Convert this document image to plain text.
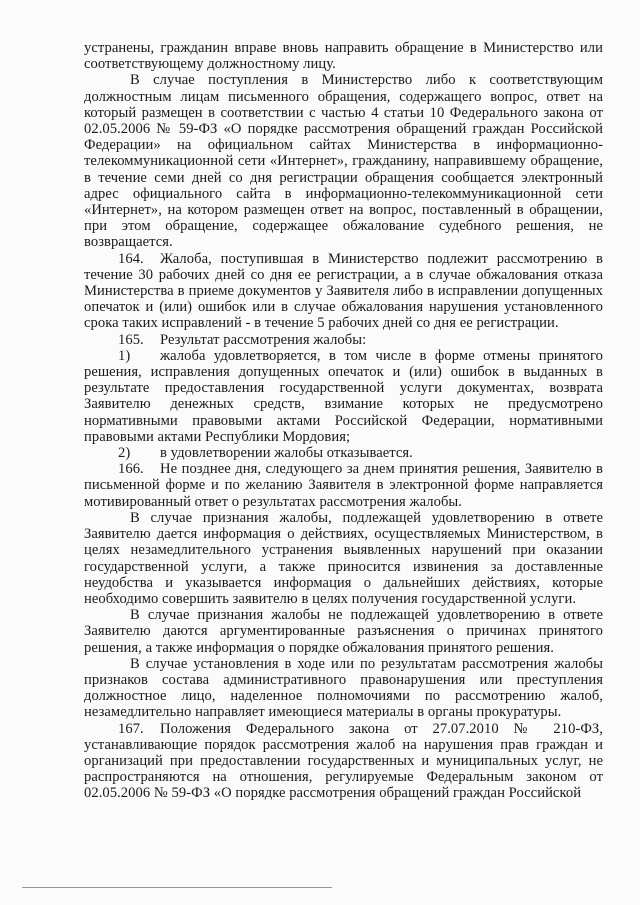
устранены, гражданин вправе вновь направить обращение в Министерство или соответствующему должностному лицу.

В случае поступления в Министерство либо к соответствующим должностным лицам письменного обращения, содержащего вопрос, ответ на который размещен в соответствии с частью 4 статьи 10 Федерального закона от 02.05.2006 № 59-ФЗ «О порядке рассмотрения обращений граждан Российской Федерации» на официальном сайтах Министерства в информационно-телекоммуникационной сети «Интернет», гражданину, направившему обращение, в течение семи дней со дня регистрации обращения сообщается электронный адрес официального сайта в информационно-телекоммуникационной сети «Интернет», на котором размещен ответ на вопрос, поставленный в обращении, при этом обращение, содержащее обжалование судебного решения, не возвращается.

164. Жалоба, поступившая в Министерство подлежит рассмотрению в течение 30 рабочих дней со дня ее регистрации, а в случае обжалования отказа Министерства в приеме документов у Заявителя либо в исправлении допущенных опечаток и (или) ошибок или в случае обжалования нарушения установленного срока таких исправлений - в течение 5 рабочих дней со дня ее регистрации.

165. Результат рассмотрения жалобы:

1) жалоба удовлетворяется, в том числе в форме отмены принятого решения, исправления допущенных опечаток и (или) ошибок в выданных в результате предоставления государственной услуги документах, возврата Заявителю денежных средств, взимание которых не предусмотрено нормативными правовыми актами Российской Федерации, нормативными правовыми актами Республики Мордовия;

2) в удовлетворении жалобы отказывается.

166. Не позднее дня, следующего за днем принятия решения, Заявителю в письменной форме и по желанию Заявителя в электронной форме направляется мотивированный ответ о результатах рассмотрения жалобы.

В случае признания жалобы, подлежащей удовлетворению в ответе Заявителю дается информация о действиях, осуществляемых Министерством, в целях незамедлительного устранения выявленных нарушений при оказании государственной услуги, а также приносится извинения за доставленные неудобства и указывается информация о дальнейших действиях, которые необходимо совершить заявителю в целях получения государственной услуги.

В случае признания жалобы не подлежащей удовлетворению в ответе Заявителю даются аргументированные разъяснения о причинах принятого решения, а также информация о порядке обжалования принятого решения.

В случае установления в ходе или по результатам рассмотрения жалобы признаков состава административного правонарушения или преступления должностное лицо, наделенное полномочиями по рассмотрению жалоб, незамедлительно направляет имеющиеся материалы в органы прокуратуры.

167. Положения Федерального закона от 27.07.2010 № 210-ФЗ, устанавливающие порядок рассмотрения жалоб на нарушения прав граждан и организаций при предоставлении государственных и муниципальных услуг, не распространяются на отношения, регулируемые Федеральным законом от 02.05.2006 № 59-ФЗ «О порядке рассмотрения обращений граждан Российской
